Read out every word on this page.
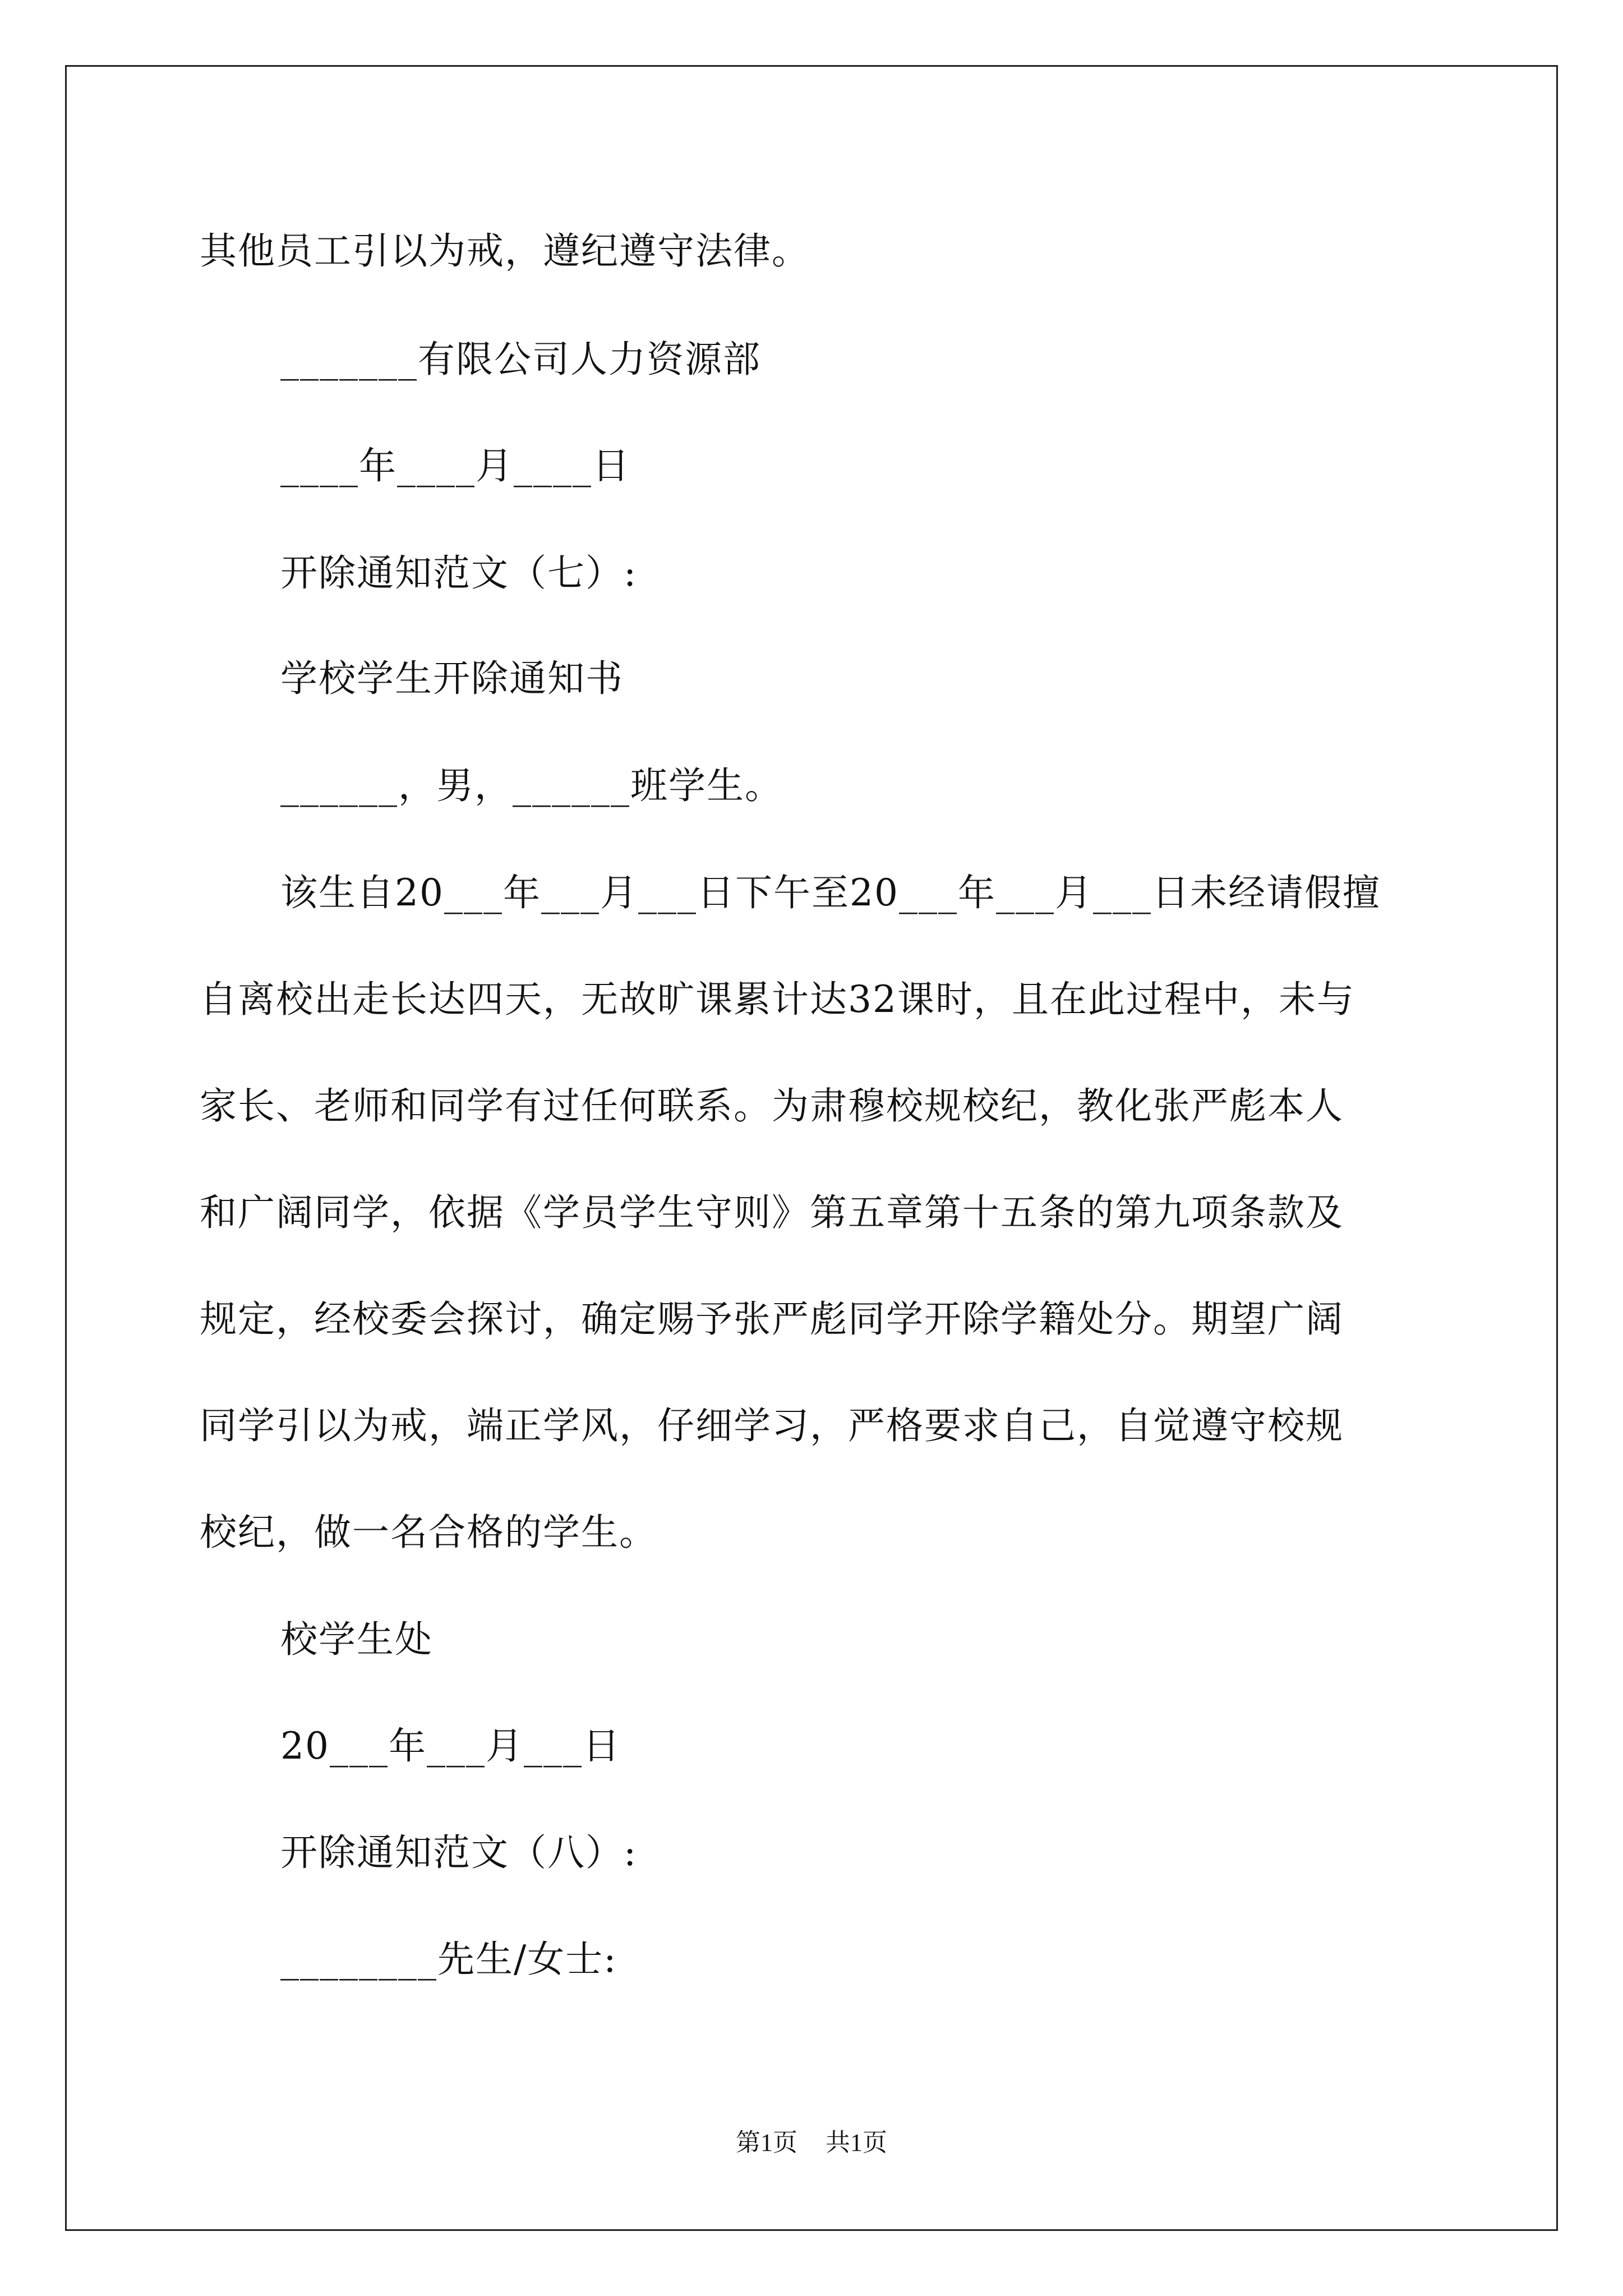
其他员工引以为戒，遵纪遵守法律。
_______有限公司人力资源部
____年____月____日
开除通知范文（七）:
学校学生开除通知书
______，男，______班学生。
该生自20___年___月___日下午至20___年___月___日未经请假擅
自离校出走长达四天，无故旷课累计达32课时，且在此过程中，未与
家长、老师和同学有过任何联系。为肃穆校规校纪，教化张严彪本人
和广阔同学，依据《学员学生守则》第五章第十五条的第九项条款及
规定，经校委会探讨，确定赐予张严彪同学开除学籍处分。期望广阔
同学引以为戒，端正学风，仔细学习，严格要求自己，自觉遵守校规
校纪，做一名合格的学生。
校学生处
20___年___月___日
开除通知范文（八）:
________先生/女士:
第1页 共1页
